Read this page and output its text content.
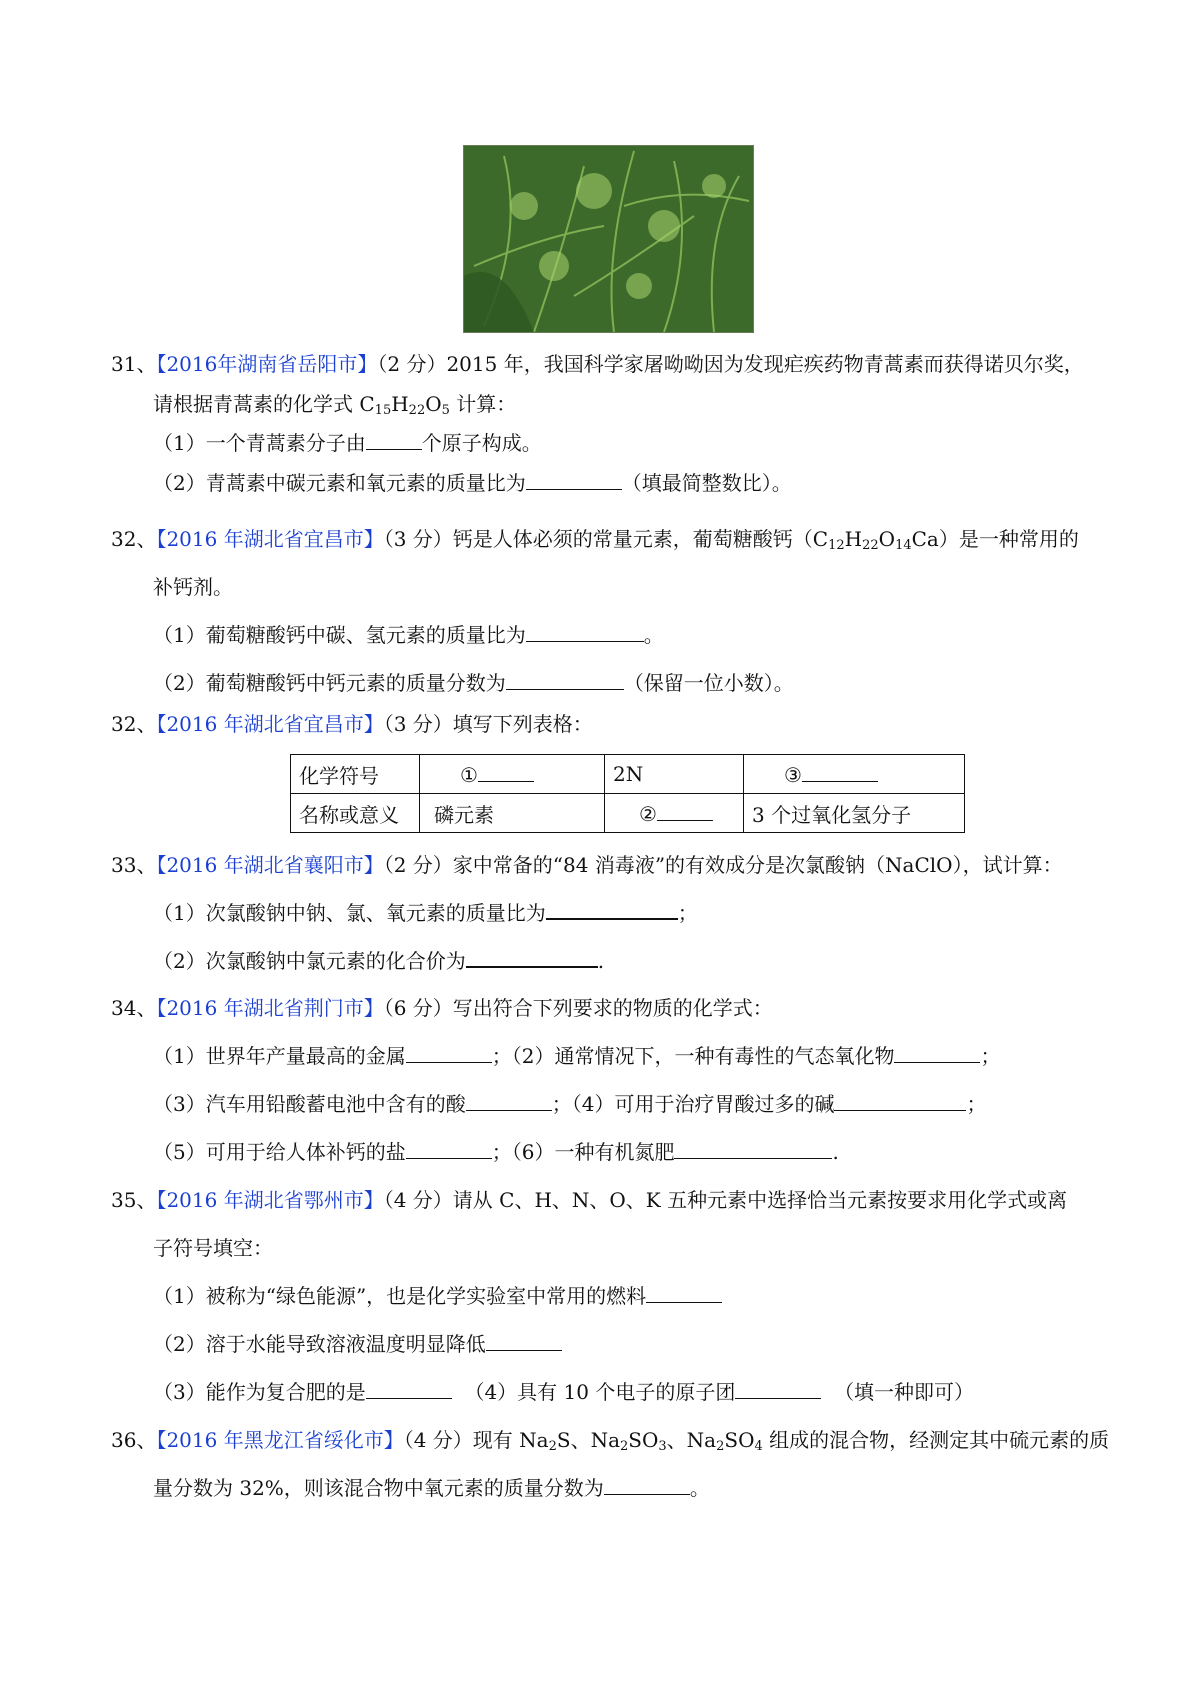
31、【2016年湖南省岳阳市】（2 分）2015 年，我国科学家屠呦呦因为发现疟疾药物青蒿素而获得诺贝尔奖，
请根据青蒿素的化学式 $C_{15}H_{22}O_5$ 计算：
（1）一个青蒿素分子由	个原子构成。
（2）青蒿素中碳元素和氧元素的质量比为	（填最简整数比）。
32、【2016 年湖北省宜昌市】（3 分）钙是人体必须的常量元素，葡萄糖酸钙$(C_{12}H_{22}O_{14}Ca)$是一种常用的
补钙剂。
（1）葡萄糖酸钙中碳、氢元素的质量比为	。
（2）葡萄糖酸钙中钙元素的质量分数为	（保留一位小数）。
32、【2016 年湖北省宜昌市】（3 分）填写下列表格：
化学符号	①	2N	③
名称或意义	磷元素	②	3 个过氧化氢分子
33、【2016 年湖北省襄阳市】（2 分）家中常备的“84 消毒液”的有效成分是次氯酸钠（NaClO），试计算：
（1）次氯酸钠中钠、氯、氧元素的质量比为	；
（2）次氯酸钠中氯元素的化合价为	.
34、【2016 年湖北省荆门市】（6 分）写出符合下列要求的物质的化学式：
（1）世界年产量最高的金属	；（2）通常情况下，一种有毒性的气态氧化物	；
（3）汽车用铅酸蓄电池中含有的酸	；（4）可用于治疗胃酸过多的碱	；
（5）可用于给人体补钙的盐	；（6）一种有机氮肥	.
35、【2016 年湖北省鄂州市】（4 分）请从 C、H、N、O、K 五种元素中选择恰当元素按要求用化学式或离
子符号填空：
（1）被称为“绿色能源”，也是化学实验室中常用的燃料
（2）溶于水能导致溶液温度明显降低
（3）能作为复合肥的是	（4）具有 10 个电子的原子团	（填一种即可）
36、【2016 年黑龙江省绥化市】（4 分）现有 $Na_2S$、$Na_2SO_3$、$Na_2SO_4$ 组成的混合物，经测定其中硫元素的质
量分数为 32%，则该混合物中氧元素的质量分数为	。
